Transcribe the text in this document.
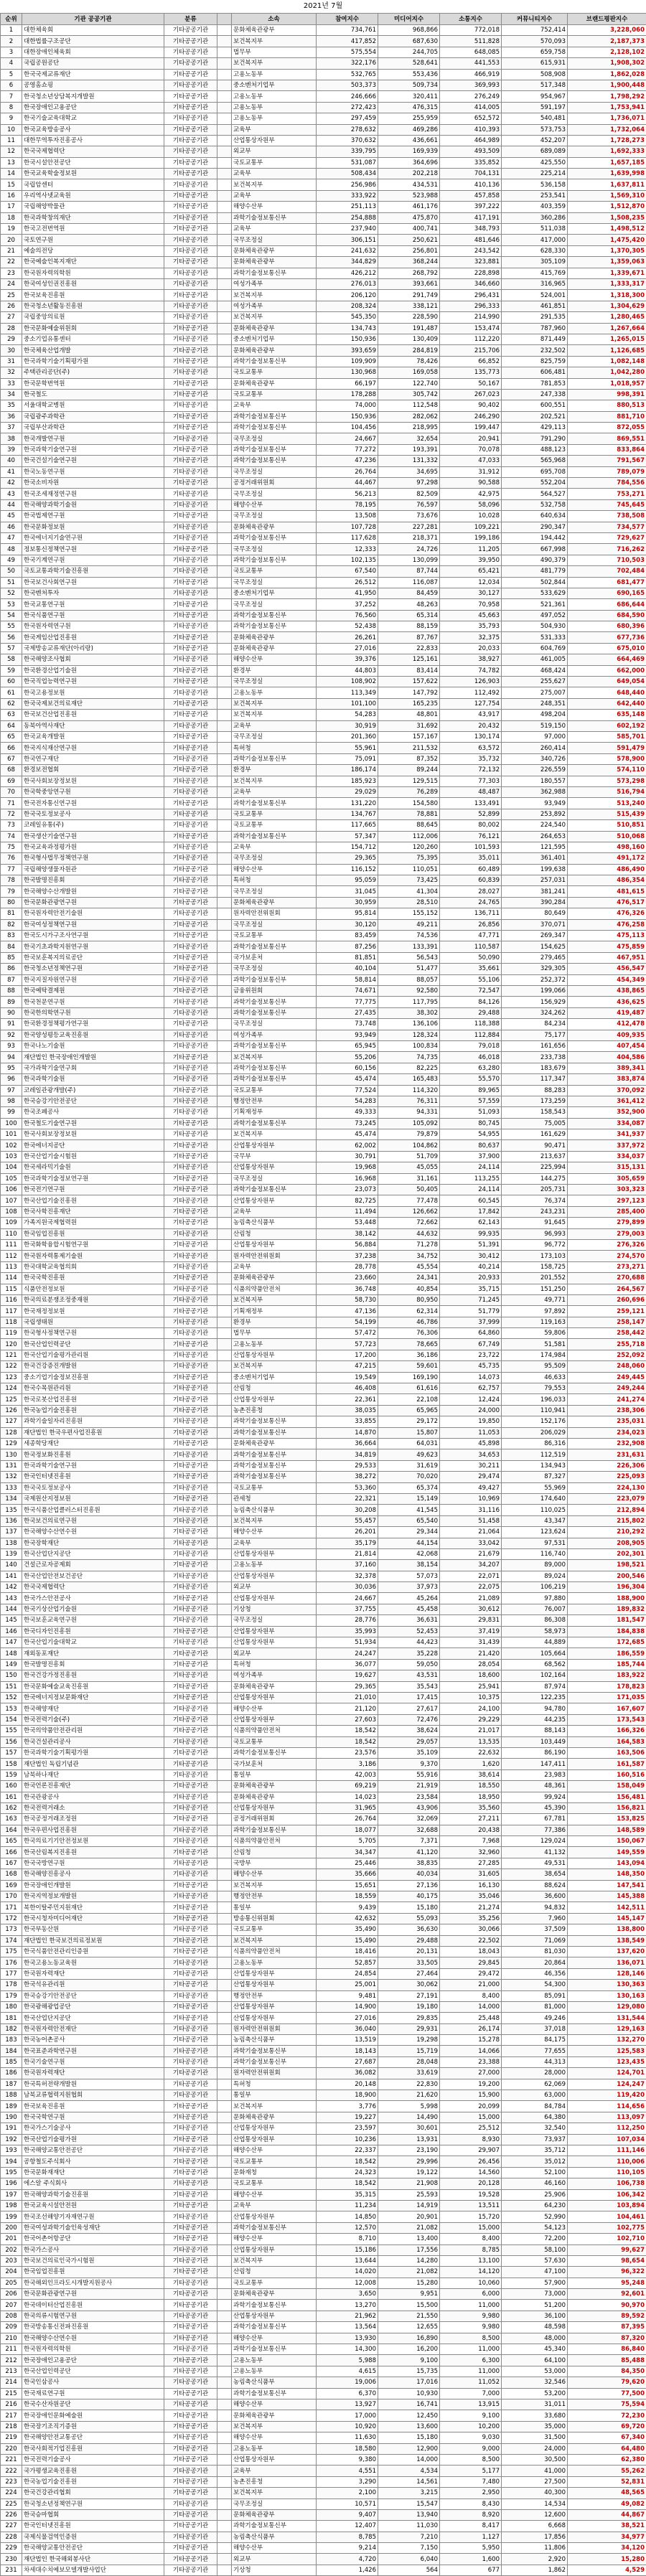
2021년 7월
순위	기관 공공기관	분류		소속	참여지수	미디어지수	소통지수	커뮤니티지수	브랜드평판지수
1	대한체육회	기타공공기관		문화체육관광부	734,761	968,866	772,018	752,414	3,228,060
2	대한법률구조공단	기타공공기관		보건복지부	417,852	687,630	511,828	570,093	2,187,373
3	대한장애인체육회	기타공공기관		법무부	575,554	244,705	648,085	659,758	2,128,102
4	국립공원공단	기타공공기관		보건복지부	322,176	528,641	441,553	615,931	1,908,302
5	한국국제교류재단	기타공공기관		고용노동부	532,765	553,436	466,919	508,908	1,862,028
6	공영홈쇼핑	기타공공기관		중소벤처기업부	503,373	509,734	369,993	517,348	1,900,448
7	한국청소년상담복지개발원	기타공공기관		고용노동부	246,666	320,411	276,249	954,967	1,798,292
8	한국장애인고용공단	기타공공기관		고용노동부	272,423	476,315	414,005	591,197	1,753,941
9	한국기술교육대학교	기타공공기관		고용노동부	297,459	255,959	652,572	540,481	1,736,071
10	한국교육방송공사	기타공공기관		교육부	278,632	469,286	410,393	573,753	1,732,064
11	대한무역투자진흥공사	기타공공기관		산업통상자원부	370,632	436,661	464,989	452,207	1,728,273
12	한국국제협력단	기타공공기관		외교부	339,795	169,939	493,509	689,089	1,692,333
13	한국시설안전공단	기타공공기관		국토교통부	531,087	364,696	335,852	425,550	1,657,185
14	한국교육학술정보원	기타공공기관		교육부	508,434	202,218	704,131	225,214	1,639,998
15	국립암센터	기타공공기관		보건복지부	256,986	434,531	410,136	536,158	1,637,811
16	우리역사넷교육원	기타공공기관		교육부	333,922	523,988	457,858	253,541	1,569,310
17	국립해양박물관	기타공공기관		해양수산부	251,113	461,176	397,222	403,359	1,512,870
18	한국과학창의재단	기타공공기관		과학기술정보통신부	254,888	475,870	417,191	360,286	1,508,235
19	한국고전번역원	기타공공기관		교육부	237,940	400,741	348,793	511,038	1,498,512
20	국토연구원	기타공공기관		국무조정실	306,151	250,621	481,646	417,000	1,475,420
21	예술의전당	기타공공기관		문화체육관광부	241,632	256,801	243,542	628,330	1,370,305
22	한국예술인복지재단	기타공공기관		문화체육관광부	344,829	368,244	323,881	305,109	1,359,063
23	한국원자력의학원	기타공공기관		과학기술정보통신부	426,212	268,792	228,898	415,769	1,339,671
24	한국여성인권진흥원	기타공공기관		여성가족부	276,013	393,661	346,660	316,965	1,333,317
25	한국보육진흥원	기타공공기관		보건복지부	206,120	291,749	296,431	524,001	1,318,300
26	한국청소년활동진흥원	기타공공기관		여성가족부	208,324	338,121	296,333	461,851	1,304,629
27	국립중앙의료원	기타공공기관		보건복지부	545,350	228,590	214,990	291,535	1,280,465
28	한국문화예술위원회	기타공공기관		문화체육관광부	134,743	191,487	153,474	787,960	1,267,664
29	중소기업유통센터	기타공공기관		중소벤처기업부	150,936	130,409	112,220	871,449	1,265,015
30	한국체육산업개발	기타공공기관		문화체육관광부	393,659	284,819	215,706	232,502	1,126,685
31	한국과학기술기획평가원	기타공공기관		과학기술정보통신부	109,909	78,426	66,852	825,759	1,082,148
32	주택관리공단(주)	기타공공기관		국토교통부	130,968	169,058	135,773	606,481	1,042,280
33	한국문학번역원	기타공공기관		문화체육관광부	66,197	122,740	50,167	781,853	1,018,957
34	한국철도	기타공공기관		국토교통부	178,288	305,742	267,023	247,338	998,391
35	서울대학교병원	기타공공기관		교육부	74,000	112,548	90,402	600,551	880,513
36	국립광주과학관	기타공공기관		과학기술정보통신부	150,936	282,062	246,290	202,521	881,710
37	국립부산과학관	기타공공기관		과학기술정보통신부	104,456	218,995	199,447	429,113	872,055
38	한국개발연구원	기타공공기관		국무조정실	24,667	32,654	20,941	791,290	869,551
39	한국과학기술연구원	기타공공기관		과학기술정보통신부	77,272	193,391	70,078	488,123	833,864
40	한국건설기술연구원	기타공공기관		과학기술정보통신부	47,236	131,332	47,033	565,968	791,567
41	한국노동연구원	기타공공기관		국무조정실	26,764	34,695	31,912	695,708	789,079
42	한국소비자원	기타공공기관		공정거래위원회	44,467	97,298	90,588	552,204	784,556
43	한국조세재정연구원	기타공공기관		국무조정실	56,213	82,509	42,975	564,527	753,271
44	한국해양과학기술원	기타공공기관		해양수산부	78,195	76,597	58,096	532,758	745,645
45	한국법제연구원	기타공공기관		국무조정실	13,508	73,676	10,028	640,634	738,508
46	한국문화정보원	기타공공기관		문화체육관광부	107,728	227,281	109,221	290,347	734,577
47	한국에너지기술연구원	기타공공기관		과학기술정보통신부	117,628	218,371	199,186	194,442	729,627
48	정보통신정책연구원	기타공공기관		국무조정실	12,333	24,726	11,205	667,998	716,262
49	한국기계연구원	기타공공기관		과학기술정보통신부	102,135	130,099	39,950	490,379	710,503
50	국토교통과학기술진흥원	기타공공기관		국토교통부	67,540	87,744	65,421	481,779	702,484
51	한국보건사회연구원	기타공공기관		국무조정실	26,512	116,087	12,034	502,844	681,477
52	한국벤처투자	기타공공기관		중소벤처기업부	41,950	84,459	30,127	533,629	690,165
53	한국교통연구원	기타공공기관		국무조정실	37,252	48,263	70,958	521,361	686,644
54	한국식품연구원	기타공공기관		과학기술정보통신부	76,560	65,314	45,663	497,052	684,590
55	한국원자력연구원	기타공공기관		과학기술정보통신부	52,438	88,159	35,793	504,930	680,396
56	한국게임산업진흥원	기타공공기관		문화체육관광부	26,261	87,767	32,375	531,333	677,736
57	국제방송교류재단(아리랑)	기타공공기관		문화체육관광부	27,016	22,833	20,033	604,769	675,010
58	한국해양조사협회	기타공공기관		해양수산부	39,376	125,161	38,927	461,005	664,469
59	한국환경산업기술원	기타공공기관		환경부	44,803	83,414	74,782	468,424	662,000
60	한국직업능력연구원	기타공공기관		국무조정실	108,902	157,622	126,903	255,627	649,054
61	한국고용정보원	기타공공기관		고용노동부	113,349	147,792	112,492	275,007	648,440
62	한국국제보건의료재단	기타공공기관		보건복지부	101,100	165,235	127,754	248,351	642,440
63	한국보건산업진흥원	기타공공기관		보건복지부	54,283	48,801	43,917	498,204	635,148
64	동북아역사재단	기타공공기관		교육부	30,919	31,692	20,432	519,150	602,192
65	한국교육개발원	기타공공기관		국무조정실	201,360	157,167	130,174	97,000	585,701
66	한국지식재산연구원	기타공공기관		특허청	55,961	211,532	63,572	260,414	591,479
67	한국연구재단	기타공공기관		과학기술정보통신부	75,091	87,352	35,732	340,726	578,900
68	환경보전협회	기타공공기관		환경부	186,174	89,244	72,132	226,559	574,110
69	한국사회보장정보원	기타공공기관		보건복지부	185,923	129,515	77,303	180,557	573,298
70	한국학중앙연구원	기타공공기관		교육부	29,029	76,289	48,487	362,988	516,794
71	한국전자통신연구원	기타공공기관		과학기술정보통신부	131,220	154,580	133,491	93,949	513,240
72	한국국토정보공사	기타공공기관		국토교통부	134,767	78,881	52,899	253,892	515,439
73	코레일유통(주)	기타공공기관		국토교통부	117,665	88,645	80,002	224,540	510,851
74	한국생산기술연구원	기타공공기관		과학기술정보통신부	57,347	112,006	76,121	264,653	510,068
75	한국교육과정평가원	기타공공기관		교육부	154,712	120,260	101,593	121,595	498,160
76	한국형사법무정책연구원	기타공공기관		국무조정실	29,365	75,395	35,011	361,401	491,172
77	국립해양생물자원관	기타공공기관		해양수산부	116,152	110,051	60,489	199,638	486,490
78	한국발명진흥회	기타공공기관		특허청	95,059	73,425	60,839	257,031	486,354
79	한국해양수산개발원	기타공공기관		국무조정실	31,045	41,304	28,027	381,241	481,615
80	한국문화관광연구원	기타공공기관		문화체육관광부	30,959	28,510	24,765	390,284	476,517
81	한국원자력안전기술원	기타공공기관		원자력안전위원회	95,814	155,152	136,711	80,649	476,326
82	한국여성정책연구원	기타공공기관		국무조정실	30,120	49,211	26,856	370,071	476,258
83	한국도시가구조사연구원	기타공공기관		국토교통부	83,459	74,536	47,771	269,347	475,113
84	한국기초과학지원연구원	기타공공기관		과학기술정보통신부	87,256	133,391	110,587	154,625	475,859
85	한국보훈복지의료공단	기타공공기관		국가보훈처	81,851	56,543	50,090	279,465	467,951
86	한국청소년정책연구원	기타공공기관		국무조정실	40,104	51,477	35,661	329,305	456,547
87	한국지질자원연구원	기타공공기관		과학기술정보통신부	58,814	88,057	55,106	252,372	454,349
88	한국예탁결제원	기타공공기관		금융위원회	74,671	92,580	72,547	199,066	438,865
89	한국천문연구원	기타공공기관		과학기술정보통신부	77,775	117,795	84,126	156,929	436,625
90	한국한의학연구원	기타공공기관		과학기술정보통신부	27,435	38,302	29,488	324,262	419,487
91	한국환경정책평가연구원	기타공공기관		국무조정실	73,748	136,106	118,388	84,234	412,478
92	한국양성평등교육진흥원	기타공공기관		여성가족부	93,949	128,324	112,884	75,177	409,935
93	한국나노기술원	기타공공기관		과학기술정보통신부	65,945	100,834	79,018	161,656	407,454
94	재단법인 한국장애인개발원	기타공공기관		보건복지부	55,206	74,735	46,018	233,738	404,586
95	국가과학기술연구회	기타공공기관		과학기술정보통신부	60,156	82,225	63,280	183,679	389,341
96	한국과학기술원	기타공공기관		과학기술정보통신부	45,474	165,483	55,570	117,347	383,874
97	코레일관광개발(주)	기타공공기관		국토교통부	77,524	114,320	89,965	88,283	370,092
98	한국승강기안전공단	기타공공기관		행정안전부	54,283	76,311	57,559	173,259	361,412
99	한국조폐공사	기타공공기관		기획재정부	49,333	94,331	51,093	158,543	352,900
100	한국철도기술연구원	기타공공기관		과학기술정보통신부	73,245	105,092	80,745	75,005	334,087
101	한국사회보장정보원	기타공공기관		보건복지부	45,474	79,879	54,955	161,629	341,937
102	한국에너지공단	기타공공기관		산업통상자원부	62,002	104,862	80,637	90,471	337,972
103	한국산업기술시험원	기타공공기관		국무부	30,791	51,709	37,900	213,637	334,037
104	한국세라믹기술원	기타공공기관		산업통상자원부	19,968	45,055	24,114	225,994	315,131
105	한국과학기술정보연구원	기타공공기관		국무조정실	16,968	31,161	113,255	144,275	305,659
106	한국전기연구원	기타공공기관		과학기술정보통신부	23,073	50,405	24,114	205,731	303,323
107	한국산업기술진흥원	기타공공기관		산업통상자원부	82,725	77,478	60,545	76,374	297,123
108	한국사학진흥재단	기타공공기관		교육부	11,494	126,662	17,842	243,231	285,400
109	가족지원국제협력원	기타공공기관		농림축산식품부	53,448	72,662	62,143	91,645	279,899
110	한국임업진흥원	기타공공기관		산림청	38,142	44,632	99,935	96,993	279,003
111	한국화학융합시험연구원	기타공공기관		산업통상자원부	56,884	71,278	51,391	96,772	276,326
112	한국원자력통제기술원	기타공공기관		원자력안전위원회	37,238	34,752	30,412	173,103	274,570
113	한국대학교육협의회	기타공공기관		교육부	28,778	45,554	40,214	158,725	273,271
114	한국국학진흥원	기타공공기관		문화체육관광부	23,660	24,341	20,933	201,552	270,688
115	식품안전정보원	기타공공기관		식품의약품안전처	36,748	40,854	35,715	151,250	264,567
116	한국의료분쟁조정중재원	기타공공기관		보건복지부	58,730	80,950	71,245	49,771	260,696
117	한국재정정보원	기타공공기관		기획재정부	47,136	62,314	51,779	97,892	259,121
118	국립생태원	기타공공기관		환경부	54,199	46,786	37,999	119,163	258,147
119	한국형사정책연구원	기타공공기관		법무부	57,472	76,306	64,860	59,806	258,442
120	한국산업인력공단	기타공공기관		고용노동부	57,723	78,665	67,749	51,581	255,718
121	한국산업기술평가관리원	기타공공기관		산업통상자원부	17,200	36,186	23,722	174,984	252,092
122	한국건강증진개발원	기타공공기관		보건복지부	47,215	59,601	45,735	95,509	248,060
123	중소기업기술정보진흥원	기타공공기관		중소벤처기업부	19,549	169,190	14,073	46,633	249,445
124	한국수목원관리원	기타공공기관		산림청	46,408	61,616	62,757	79,553	249,244
125	한국로봇산업진흥원	기타공공기관		산업통상자원부	22,361	22,108	12,424	196,033	241,274
126	한국농업기술진흥원	기타공공기관		농촌진흥청	38,035	65,965	24,000	110,941	238,306
127	과학기술일자리진흥원	기타공공기관		과학기술정보통신부	33,855	29,172	19,850	152,176	235,031
128	재단법인 한국우편사업진흥원	기타공공기관		과학기술정보통신부	14,870	15,807	11,053	206,029	234,023
129	세종학당재단	기타공공기관		문화체육관광부	36,664	64,031	45,898	86,316	232,908
130	한국정보화진흥원	기타공공기관		과학기술정보통신부	34,819	49,623	34,653	112,519	231,631
131	한국과학기술연구원	기타공공기관		과학기술정보통신부	29,533	31,619	30,211	134,943	226,306
132	한국인터넷진흥원	기타공공기관		과학기술정보통신부	38,272	70,020	29,474	87,327	225,093
133	한국국토정보공사	기타공공기관		국토교통부	53,360	65,374	49,427	55,969	224,130
134	국제원산지정보원	기타공공기관		관세청	22,321	15,149	10,969	174,640	223,079
135	한국식품산업클러스터진흥원	기타공공기관		농림축산식품부	30,208	41,545	31,116	110,025	212,894
136	한국보건의료연구원	기타공공기관		보건복지부	55,457	65,540	51,458	43,347	215,802
137	한국해양수산연수원	기타공공기관		해양수산부	26,201	29,344	21,064	123,624	210,292
138	한국장학재단	기타공공기관		교육부	35,179	44,154	33,042	97,531	208,905
139	한국산업단지공단	기타공공기관		산업통상자원부	21,814	42,068	21,679	116,740	202,301
140	건설근로자공제회	기타공공기관		고용노동부	37,160	38,154	34,207	89,000	198,521
141	한국산업안전보건공단	기타공공기관		산업통상자원부	32,378	57,073	22,071	89,024	200,546
142	한국국제협력단	기타공공기관		외교부	30,036	37,973	22,075	106,219	196,304
143	한국가스안전공사	기타공공기관		산업통상자원부	24,667	45,264	21,089	97,880	188,900
144	한국기상산업기술원	기타공공기관		기상청	37,755	45,458	30,612	76,007	189,832
145	한국보훈교육연구원	기타공공기관		국무조정실	28,776	36,631	29,831	86,308	181,547
146	한국디자인진흥원	기타공공기관		산업통상자원부	35,993	52,453	37,419	58,973	184,838
147	한국산업기술대학교	기타공공기관		산업통상자원부	51,934	44,423	31,439	44,889	172,685
148	재외동포재단	기타공공기관		외교부	24,247	35,228	21,420	105,664	186,559
149	한국발명진흥회	기타공공기관		특허청	36,077	59,050	28,054	68,562	185,744
150	한국건강가정진흥원	기타공공기관		여성가족부	19,627	43,531	18,600	102,164	183,922
151	한국문화예술교육진흥원	기타공공기관		문화체육관광부	29,365	35,543	25,941	87,974	178,823
152	한국에너지정보문화재단	기타공공기관		산업통상자원부	21,010	17,415	10,375	122,235	171,035
153	한국해양재단	기타공공기관		해양수산부	21,120	27,617	24,100	94,780	167,607
154	한국전력기술(주)	기타공공기관		산업통상자원부	27,603	72,476	29,229	44,235	173,543
155	한국의약품안전관리원	기타공공기관		식품의약품안전처	18,542	38,624	21,017	88,143	166,326
156	한국건설관리공사	기타공공기관		국토교통부	18,542	29,057	13,535	103,449	164,583
157	한국과학기술기획평가원	기타공공기관		과학기술정보통신부	23,576	35,109	22,632	86,190	163,506
158	재단법인 독립기념관	기타공공기관		국가보훈처	3,186	9,370	1,620	147,411	161,587
159	남북하나재단	기타공공기관		통일부	42,003	55,916	38,614	23,983	160,516
160	한국언론진흥재단	기타공공기관		문화체육관광부	69,219	21,919	18,550	48,361	158,049
161	한국관광공사	기타공공기관		문화체육관광부	14,023	23,584	18,950	99,924	156,481
162	한국전력거래소	기타공공기관		산업통상자원부	31,965	43,906	35,560	45,390	156,821
163	한국공정거래조정원	기타공공기관		공정거래위원회	26,764	32,069	27,211	67,781	153,825
164	한국우편사업진흥원	기타공공기관		과학기술정보통신부	18,077	32,688	20,438	77,386	148,589
165	한국의료기기안전정보원	기타공공기관		식품의약품안전처	5,705	7,371	7,968	129,024	150,067
166	한국산림복지진흥원	기타공공기관		산림청	34,347	41,120	32,960	41,132	149,559
167	한국국방연구원	기타공공기관		국방부	25,446	38,835	27,285	49,531	143,094
168	한국해양진흥공사	기타공공기관		해양수산부	35,666	40,034	31,605	38,654	148,350
169	한국장애인개발원	기타공공기관		보건복지부	15,651	27,136	16,130	88,624	147,541
170	한국지역정보개발원	기타공공기관		행정안전부	18,559	40,175	35,046	36,600	145,388
171	북한이탈주민지원재단	기타공공기관		통일부	9,439	15,180	21,274	94,832	142,511
172	한국시청자미디어재단	기타공공기관		방송통신위원회	42,632	55,093	35,256	7,960	145,147
173	한국부동산원	기타공공기관		국토교통부	35,490	36,630	30,066	37,509	138,800
174	재단법인 한국보건의료정보원	기타공공기관		보건복지부	15,490	29,488	22,502	71,069	138,549
175	한국식품안전관리인증원	기타공공기관		식품의약품안전처	18,416	20,131	18,043	81,030	137,620
176	한국고용노동교육원	기타공공기관		고용노동부	52,857	33,505	29,845	20,864	136,071
177	한국원자력재단	기타공공기관		산업통상자원부	24,854	27,464	29,472	46,356	128,146
178	한국석유관리원	기타공공기관		산업통상자원부	25,001	30,062	21,000	54,300	130,363
179	한국승강기안전공단	기타공공기관		행정안전부	9,481	27,191	8,400	85,091	130,163
180	한국광해광업공단	기타공공기관		산업통상자원부	14,900	19,180	14,000	81,000	129,080
181	한국산업단지공단	기타공공기관		산업통상자원부	27,016	29,835	25,448	49,246	131,544
182	한국원자력안전재단	기타공공기관		원자력안전위원회	36,040	29,931	26,174	37,018	129,163
183	한국농어촌공사	기타공공기관		농림축산식품부	13,519	19,298	15,278	84,175	132,270
184	한국표준과학연구원	기타공공기관		과학기술정보통신부	18,143	15,719	14,066	77,655	125,583
185	한국기술연구원	기타공공기관		과학기술정보통신부	27,687	28,048	23,388	44,313	123,435
186	한국원자력재단	기타공공기관		원자력안전위원회	36,082	33,619	27,000	28,000	124,701
187	한국특허전략개발원	기타공공기관		특허청	20,148	22,830	19,200	62,069	124,247
188	남북교류협력지원협회	기타공공기관		통일부	18,900	21,620	15,900	63,000	119,420
189	한국보육진흥원	기타공공기관		보건복지부	3,776	5,998	20,099	84,784	114,656
190	한국국학연구원	기타공공기관		문화체육관광부	19,227	14,490	15,000	64,380	113,097
191	한국가스기술공사	기타공공기관		산업통상자원부	23,597	30,601	25,512	32,540	112,250
192	한국산업기술평가원	기타공공기관		산업통상자원부	10,236	13,931	8,930	73,937	107,034
193	한국해양교통안전공단	기타공공기관		해양수산부	22,337	23,190	29,907	35,712	111,146
194	공항철도주식회사	기타공공기관		국토교통부	18,542	29,996	26,456	35,012	110,006
195	한국문화재재단	기타공공기관		문화재청	24,323	19,122	14,560	52,100	110,105
196	에스알 주식회사	기타공공기관		국토교통부	18,542	21,908	20,128	46,160	106,738
197	한국해양과학기술진흥원	기타공공기관		해양수산부	35,315	25,593	19,528	25,906	106,342
198	한국교육시설안전원	기타공공기관		교육부	11,234	14,919	13,511	64,230	103,894
199	한국조선해양기자재연구원	기타공공기관		산업통상자원부	14,850	20,901	15,720	52,990	104,461
200	한국여성과학기술인육성재단	기타공공기관		과학기술정보통신부	12,570	21,082	15,000	54,123	102,775
201	한국어촌어항공단	기타공공기관		해양수산부	8,710	13,400	8,400	72,200	102,710
202	한국가스공사	기타공공기관		산업통상자원부	15,186	17,556	8,785	58,100	99,627
203	한국보건의료인국가시험원	기타공공기관		보건복지부	13,644	14,280	13,100	57,630	98,654
204	한국임업진흥원	기타공공기관		산림청	14,020	21,082	14,120	47,100	96,322
205	한국해외인프라도시개발지원공사	기타공공기관		국토교통부	12,008	15,280	10,060	57,900	95,248
206	한국문화관광연구원	기타공공기관		문화체육관광부	3,650	9,951	6,000	73,000	92,601
207	한국데이터산업진흥원	기타공공기관		과학기술정보통신부	13,270	15,500	11,000	51,200	90,970
208	한국의류시험연구원	기타공공기관		산업통상자원부	21,962	21,550	9,980	36,100	89,592
209	한국방송통신전파진흥원	기타공공기관		과학기술정보통신부	13,564	12,655	9,980	48,598	87,395
210	한국해양수산연수원	기타공공기관		해양수산부	13,930	16,890	8,500	48,000	87,320
211	한국원자력의학원	기타공공기관		과학기술정보통신부	14,300	16,200	11,000	45,340	86,840
212	한국장애인고용공단	기타공공기관		고용노동부	5,988	9,100	6,300	64,100	85,488
213	한국산업인력공단	기타공공기관		고용노동부	4,615	15,735	11,000	53,000	84,350
214	한국인삼공사	기타공공기관		농림축산식품부	19,006	17,016	11,052	32,546	79,620
215	한국재료연구원	기타공공기관		과학기술정보통신부	6,370	10,930	7,000	53,200	77,500
216	한국수산자원공단	기타공공기관		해양수산부	13,927	16,741	13,915	31,011	75,594
217	한국장애인문화예술원	기타공공기관		문화체육관광부	17,000	12,450	9,100	33,680	72,230
218	한국장기조직기증원	기타공공기관		보건복지부	10,920	13,600	10,200	35,000	69,720
219	한국해양안전교통공단	기타공공기관		해양수산부	11,630	15,180	9,030	31,500	67,340
220	한국사회적기업진흥원	기타공공기관		고용노동부	18,580	12,900	9,000	24,000	64,480
221	한국전력기술공사	기타공공기관		산업통상자원부	9,380	14,000	8,500	30,500	62,380
222	국가평생교육진흥원	기타공공기관		교육부	4,551	4,534	5,177	41,000	55,262
223	한국농업기술진흥원	기타공공기관		농촌진흥청	3,290	14,561	7,480	27,500	52,831
224	한국건강관리협회	기타공공기관		보건복지부	2,100	3,215	2,950	40,300	48,565
225	한국청소년정책연구원	기타공공기관		국무조정실	10,571	15,547	8,430	14,534	49,082
226	한국승마협회	기타공공기관		문화체육관광부	9,407	13,940	8,920	12,600	44,867
227	한국인터넷진흥원	기타공공기관		과학기술정보통신부	12,407	11,030	8,417	6,668	38,521
228	국제식물검역인증원	기타공공기관		농림축산식품부	8,785	7,210	1,127	17,856	34,977
229	한국해양교통안전공단	기타공공기관		해양수산부	9,214	7,150	5,950	11,806	34,120
230	재단법인 한국해외봉사단	기타공공기관		외교부	4,720	6,040	1,600	2,920	15,280
231	차세대수치예보모델개발사업단	기타공공기관		기상청	1,426	564	677	1,862	4,529
